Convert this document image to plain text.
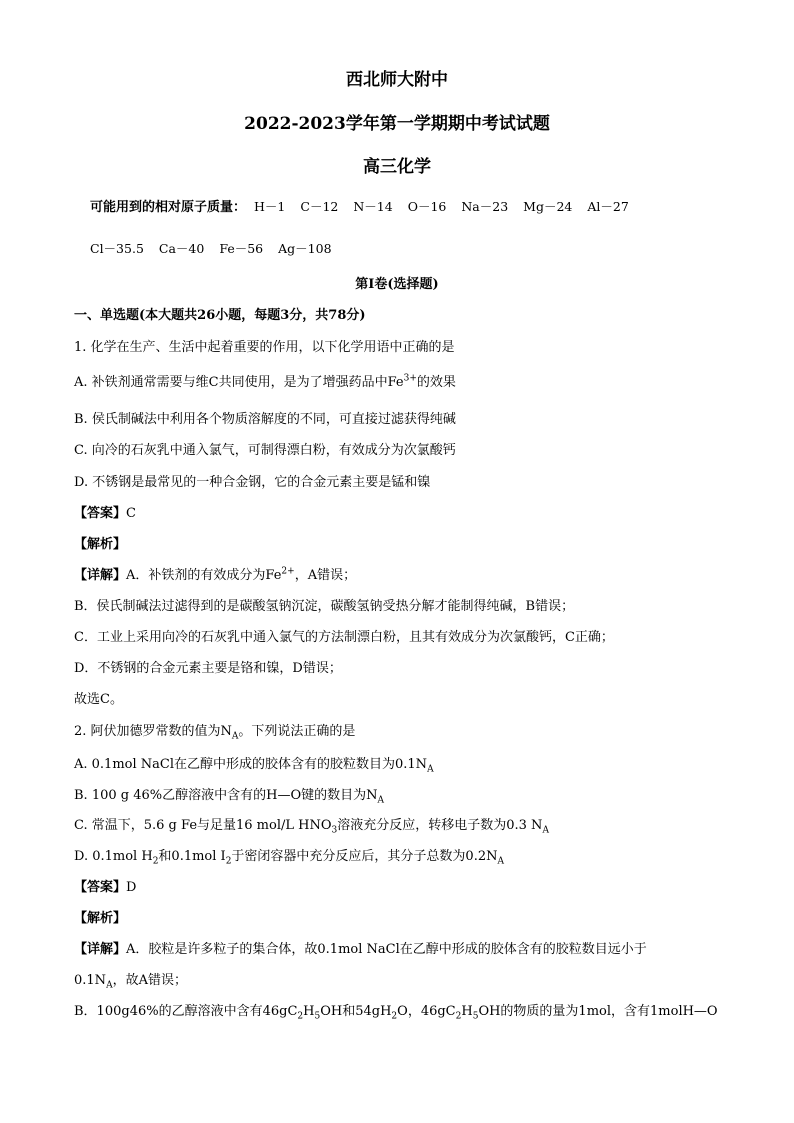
西北师大附中
2022-2023学年第一学期期中考试试题
高三化学
可能用到的相对原子质量： H－1 C－12 N－14 O－16 Na－23 Mg－24 Al－27
Cl－35.5 Ca－40 Fe－56 Ag－108
第Ⅰ卷(选择题)
一、单选题(本大题共26小题，每题3分，共78分)
1. 化学在生产、生活中起着重要的作用，以下化学用语中正确的是
A. 补铁剂通常需要与维C共同使用，是为了增强药品中$Fe^{3+}$的效果
B. 侯氏制碱法中利用各个物质溶解度的不同，可直接过滤获得纯碱
C. 向冷的石灰乳中通入氯气，可制得漂白粉，有效成分为次氯酸钙
D. 不锈钢是最常见的一种合金钢，它的合金元素主要是锰和镍
【答案】C
【解析】
【详解】A．补铁剂的有效成分为$Fe^{2+}$，A错误；
B．侯氏制碱法过滤得到的是碳酸氢钠沉淀，碳酸氢钠受热分解才能制得纯碱，B错误；
C．工业上采用向冷的石灰乳中通入氯气的方法制漂白粉，且其有效成分为次氯酸钙，C正确；
D．不锈钢的合金元素主要是铬和镍，D错误；
故选C。
2. 阿伏加德罗常数的值为$N_A$。下列说法正确的是
A. 0.1mol NaCl在乙醇中形成的胶体含有的胶粒数目为$0.1N_A$
B. 100 g 46%乙醇溶液中含有的H—O键的数目为$N_A$
C. 常温下，5.6 g Fe与足量16 mol/L $HNO_3$溶液充分反应，转移电子数为0.3 $N_A$
D. 0.1mol $H_2$和0.1mol $I_2$于密闭容器中充分反应后，其分子总数为$0.2N_A$
【答案】D
【解析】
【详解】A．胶粒是许多粒子的集合体，故0.1mol NaCl在乙醇中形成的胶体含有的胶粒数目远小于
$0.1N_A$，故A错误；
B．100g46%的乙醇溶液中含有$46gC_2H_5OH$和$54gH_2O$，$46gC_2H_5OH$的物质的量为1mol，含有1molH—O
